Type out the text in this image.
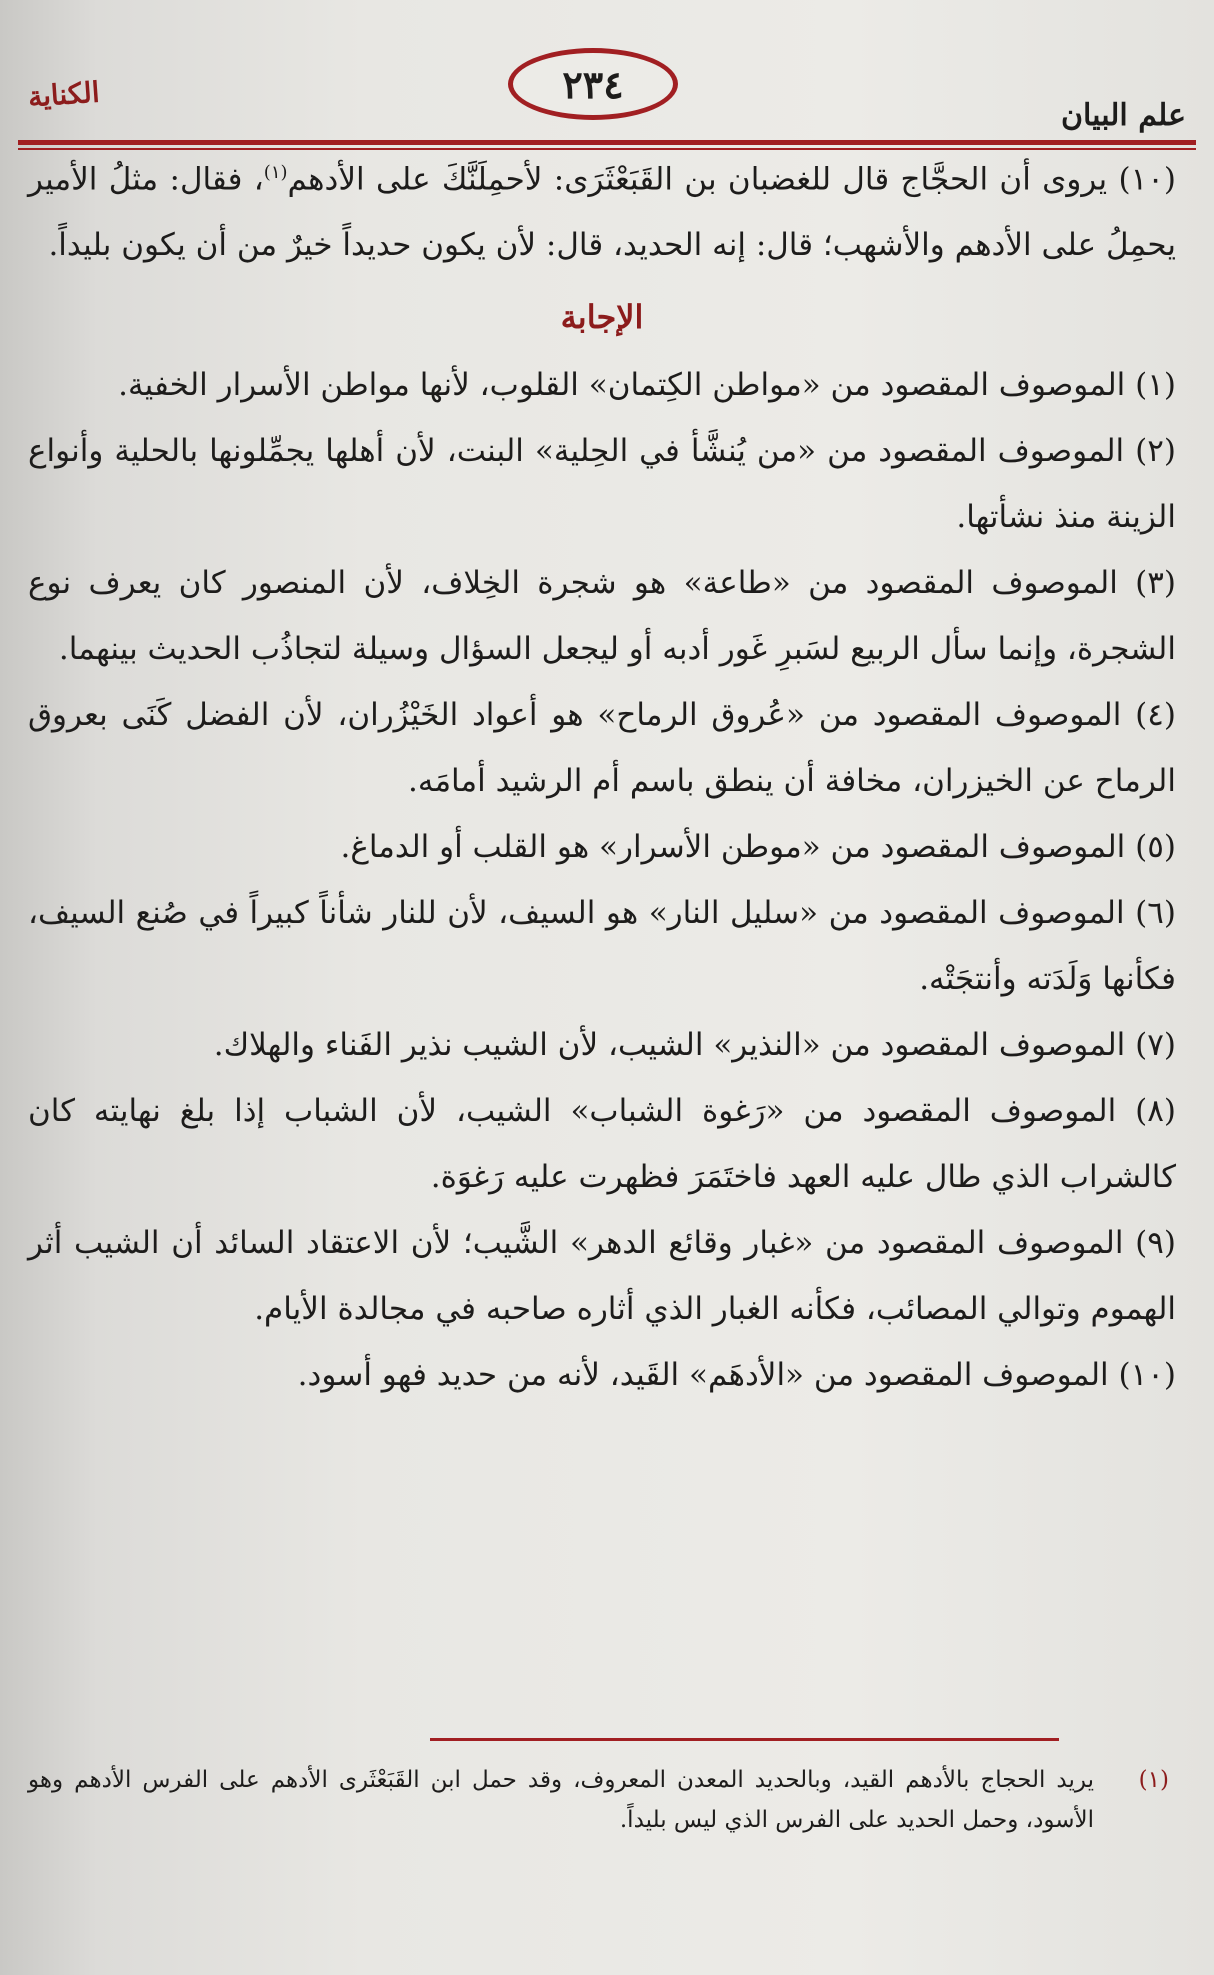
الكناية	٢٣٤
علم البيان

(١٠) يروى أن الحجَّاج قال للغضبان بن القَبَعْثَرَى: لأحمِلَنَّكَ على الأدهم$^{(١)}$، فقال: مثلُ الأمير يحمِلُ على الأدهم والأشهب؛ قال: إنه الحديد، قال: لأن يكون حديداً خيرٌ من أن يكون بليداً.

الإجابة

(١) الموصوف المقصود من «مواطن الكِتمان» القلوب، لأنها مواطن الأسرار الخفية.

(٢) الموصوف المقصود من «من يُنشَّأ في الحِلية» البنت، لأن أهلها يجمِّلونها بالحلية وأنواع الزينة منذ نشأتها.

(٣) الموصوف المقصود من «طاعة» هو شجرة الخِلاف، لأن المنصور كان يعرف نوع الشجرة، وإنما سأل الربيع لسَبرِ غَور أدبه أو ليجعل السؤال وسيلة لتجاذُب الحديث بينهما.

(٤) الموصوف المقصود من «عُروق الرماح» هو أعواد الخَيْزُران، لأن الفضل كَنَى بعروق الرماح عن الخيزران، مخافة أن ينطق باسم أم الرشيد أمامَه.

(٥) الموصوف المقصود من «موطن الأسرار» هو القلب أو الدماغ.

(٦) الموصوف المقصود من «سليل النار» هو السيف، لأن للنار شأناً كبيراً في صُنع السيف، فكأنها وَلَدَته وأنتجَتْه.

(٧) الموصوف المقصود من «النذير» الشيب، لأن الشيب نذير الفَناء والهلاك.

(٨) الموصوف المقصود من «رَغوة الشباب» الشيب، لأن الشباب إذا بلغ نهايته كان كالشراب الذي طال عليه العهد فاختَمَرَ فظهرت عليه رَغوَة.

(٩) الموصوف المقصود من «غبار وقائع الدهر» الشَّيب؛ لأن الاعتقاد السائد أن الشيب أثر الهموم وتوالي المصائب، فكأنه الغبار الذي أثاره صاحبه في مجالدة الأيام.

(١٠) الموصوف المقصود من «الأدهَم» القَيد، لأنه من حديد فهو أسود.

(١)
يريد الحجاج بالأدهم القيد، وبالحديد المعدن المعروف، وقد حمل ابن القَبَعْثَرى الأدهم على الفرس الأدهم وهو الأسود، وحمل الحديد على الفرس الذي ليس بليداً.
